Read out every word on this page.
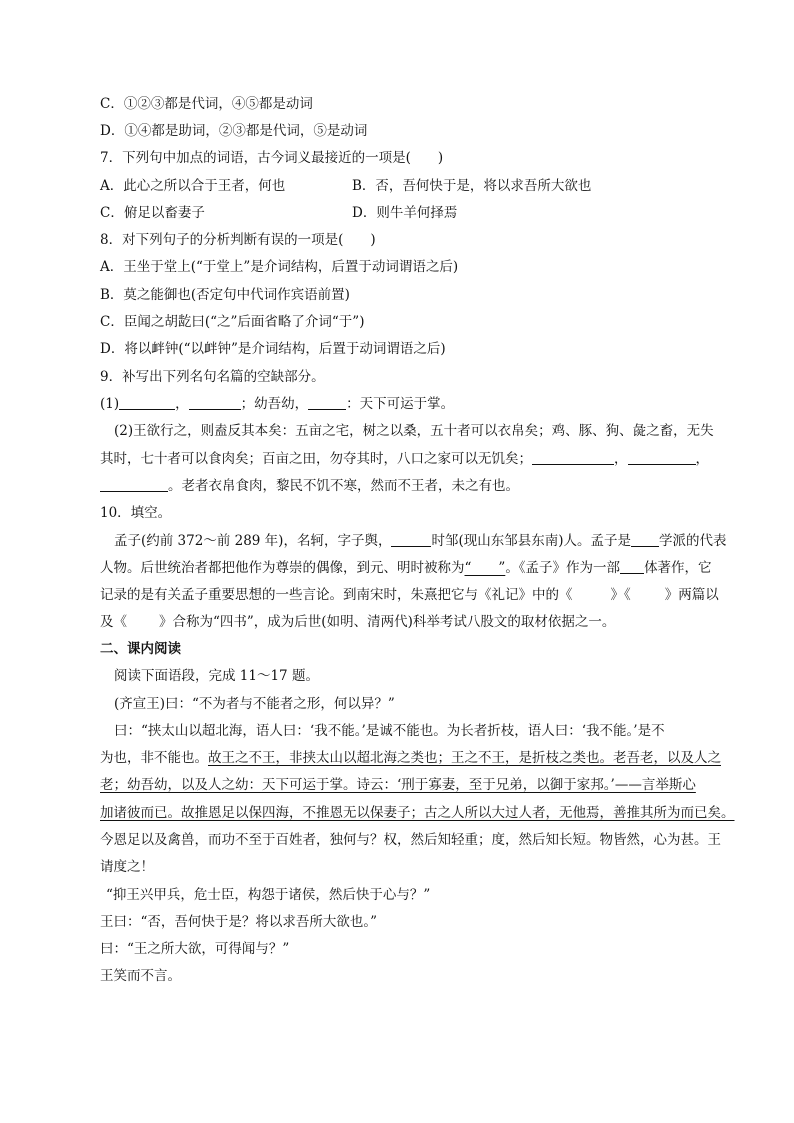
C．①②③都是代词，④⑤都是动词
D．①④都是助词，②③都是代词，⑤是动词
7．下列句中加点的词语，古今词义最接近的一项是(　　)
A．此心之所以合于王者，何也	B．否，吾何快于是，将以求吾所大欲也
C．俯足以畜妻子	D．则牛羊何择焉
8．对下列句子的分析判断有误的一项是(　　)
A．王坐于堂上(“于堂上”是介词结构，后置于动词谓语之后)
B．莫之能御也(否定句中代词作宾语前置)
C．臣闻之胡龁曰(“之”后面省略了介词“于”)
D．将以衅钟(“以衅钟”是介词结构，后置于动词谓语之后)
9．补写出下列名句名篇的空缺部分。
(1)	，	；幼吾幼，	：天下可运于掌。
(2)王欲行之，则盍反其本矣：五亩之宅，树之以桑，五十者可以衣帛矣；鸡、豚、狗、彘之畜，无失
其时，七十者可以食肉矣；百亩之田，勿夺其时，八口之家可以无饥矣；	，	，
。老者衣帛食肉，黎民不饥不寒，然而不王者，未之有也。
10．填空。
孟子(约前 372～前 289 年)，名轲，字子舆，	时邹(现山东邹县东南)人。孟子是 学派的代表
人物。后世统治者都把他作为尊崇的偶像，到元、明时被称为“　　”。《孟子》作为一部 体著作，它
记录的是有关孟子重要思想的一些言论。到南宋时，朱熹把它与《礼记》中的《	》《	》两篇以
及《 》合称为“四书”，成为后世(如明、清两代)科举考试八股文的取材依据之一。
二、课内阅读
阅读下面语段，完成 11～17 题。
(齐宣王)曰：“不为者与不能者之形，何以异？”
曰：“挟太山以超北海，语人曰：‘我不能。’是诚不能也。为长者折枝，语人曰：‘我不能。’是不
为也，非不能也。故王之不王，非挟太山以超北海之类也；王之不王，是折枝之类也。老吾老，以及人之
老；幼吾幼，以及人之幼：天下可运于掌。诗云：‘刑于寡妻，至于兄弟，以御于家邦。’——言举斯心
加诸彼而已。故推恩足以保四海，不推恩无以保妻子；古之人所以大过人者，无他焉，善推其所为而已矣。
今恩足以及禽兽，而功不至于百姓者，独何与？权，然后知轻重；度，然后知长短。物皆然，心为甚。王
请度之！
“抑王兴甲兵，危士臣，构怨于诸侯，然后快于心与？”
王曰：“否，吾何快于是？将以求吾所大欲也。”
曰：“王之所大欲，可得闻与？”
王笑而不言。
